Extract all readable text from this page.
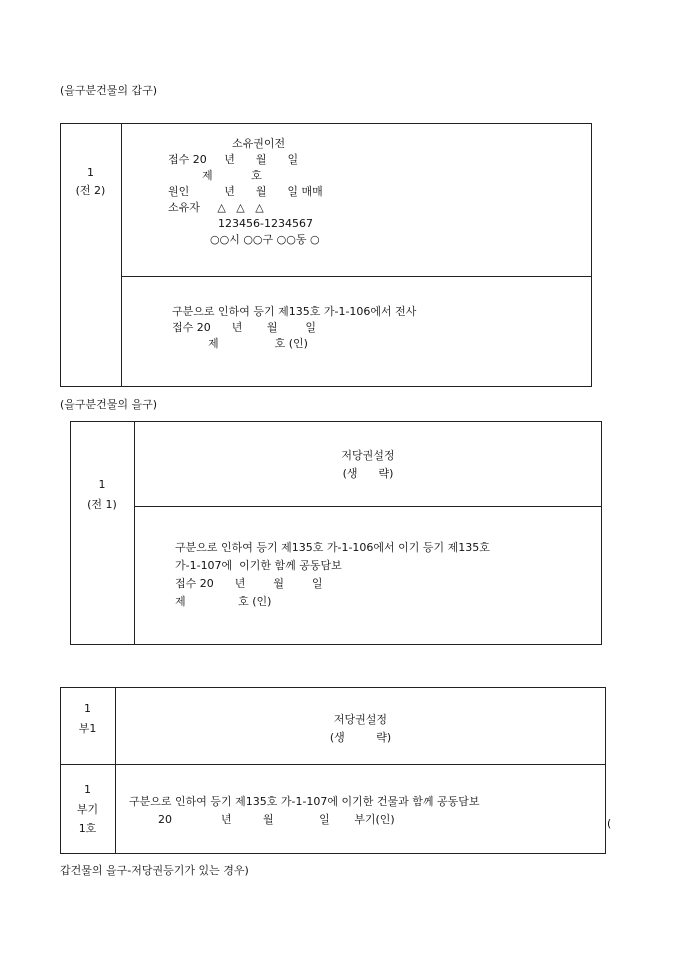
(을구분건물의 갑구)
1
(전 2)
소유권이전
접수 20     년      월      일
제           호
원인          년      월      일 매매
소유자     △   △   △
123456-1234567
○○시 ○○구 ○○동 ○
구분으로 인하여 등기 제135호 가-1-106에서 전사
접수 20      년       월        일
제                호 (인)
(을구분건물의 을구)
1
(전 1)
저당권설정
(생      략)
구분으로 인하여 등기 제135호 가-1-106에서 이기 등기 제135호
가-1-107에  이기한 함께 공동담보
접수 20      년        월        일
제               호 (인)
1
부1
저당권설정
(생         략)
1
부기
1호
구분으로 인하여 등기 제135호 가-1-107에 이기한 건물과 함께 공동담보
20              년         월             일       부기(인)	(
갑건물의 을구-저당권등기가 있는 경우)
